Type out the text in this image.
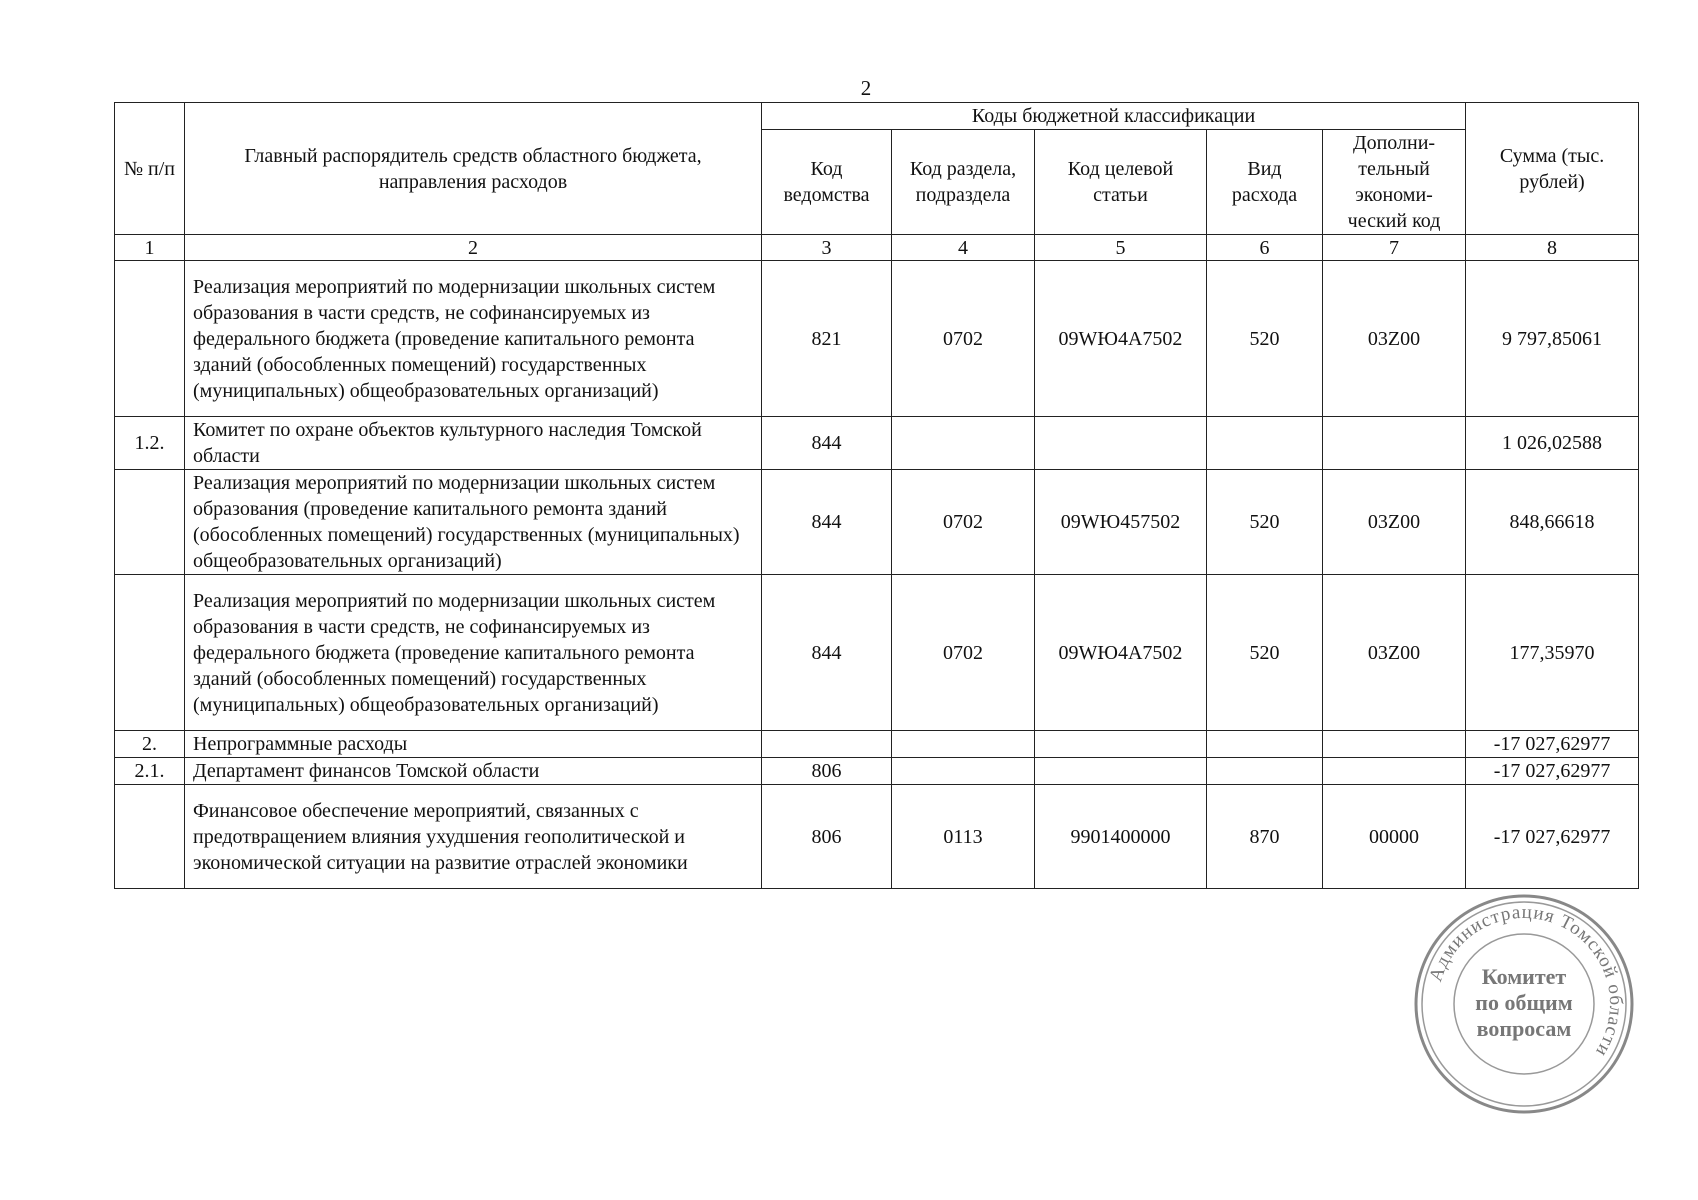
2
№ п/п	Главный распорядитель средств областного бюджета, направления расходов	Коды бюджетной классификации					Сумма (тыс. рублей)
		Код ведомства	Код раздела, подраздела	Код целевой статьи	Вид расхода	Дополни-тельный экономи-ческий код	
1	2	3	4	5	6	7	8
	Реализация мероприятий по модернизации школьных систем образования в части средств, не софинансируемых из федерального бюджета (проведение капитального ремонта зданий (обособленных помещений) государственных (муниципальных) общеобразовательных организаций)	821	0702	09WЮ4A7502	520	03Z00	9 797,85061
1.2.	Комитет по охране объектов культурного наследия Томской области	844					1 026,02588
	Реализация мероприятий по модернизации школьных систем образования (проведение капитального ремонта зданий (обособленных помещений) государственных (муниципальных) общеобразовательных организаций)	844	0702	09WЮ457502	520	03Z00	848,66618
	Реализация мероприятий по модернизации школьных систем образования в части средств, не софинансируемых из федерального бюджета (проведение капитального ремонта зданий (обособленных помещений) государственных (муниципальных) общеобразовательных организаций)	844	0702	09WЮ4A7502	520	03Z00	177,35970
2.	Непрограммные расходы						-17 027,62977
2.1.	Департамент финансов Томской области	806					-17 027,62977
	Финансовое обеспечение мероприятий, связанных с предотвращением влияния ухудшения геополитической и экономической ситуации на развитие отраслей экономики	806	0113	9901400000	870	00000	-17 027,62977
Администрация Томской области
Комитет
по общим
вопросам
